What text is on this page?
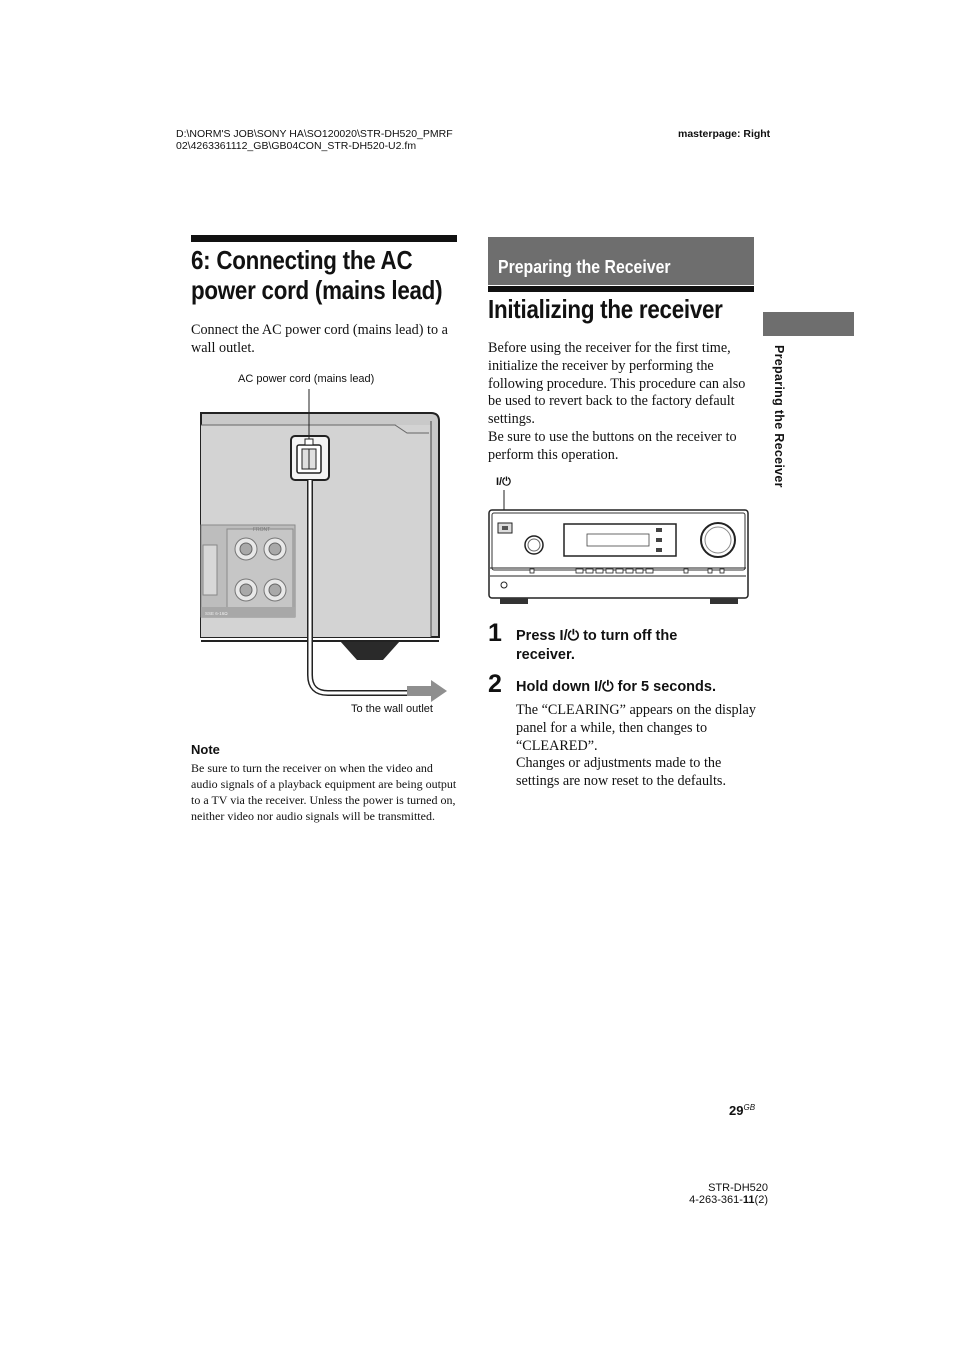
D:\NORM'S JOB\SONY HA\SO120020\STR-DH520_PMRF
02\4263361112_GB\GB04CON_STR-DH520-U2.fm
masterpage: Right
6: Connecting the AC
power cord (mains lead)
Connect the AC power cord (mains lead) to a wall outlet.
AC power cord (mains lead)
To the wall outlet
FRONT
SSE 6-16Ω
Note
Be sure to turn the receiver on when the video and audio signals of a playback equipment are being output to a TV via the receiver. Unless the power is turned on, neither video nor audio signals will be transmitted.
Preparing the Receiver
Initializing the receiver
Before using the receiver for the first time, initialize the receiver by performing the following procedure. This procedure can also be used to revert back to the factory default settings.
Be sure to use the buttons on the receiver to perform this operation.
I/⏻
1 Press I/⏻ to turn off the
receiver.
2 Hold down I/⏻ for 5 seconds.
The “CLEARING” appears on the display panel for a while, then changes to “CLEARED”.
Changes or adjustments made to the settings are now reset to the defaults.
Preparing the Receiver
$29^{GB}$
STR-DH520
4-263-361-11(2)
